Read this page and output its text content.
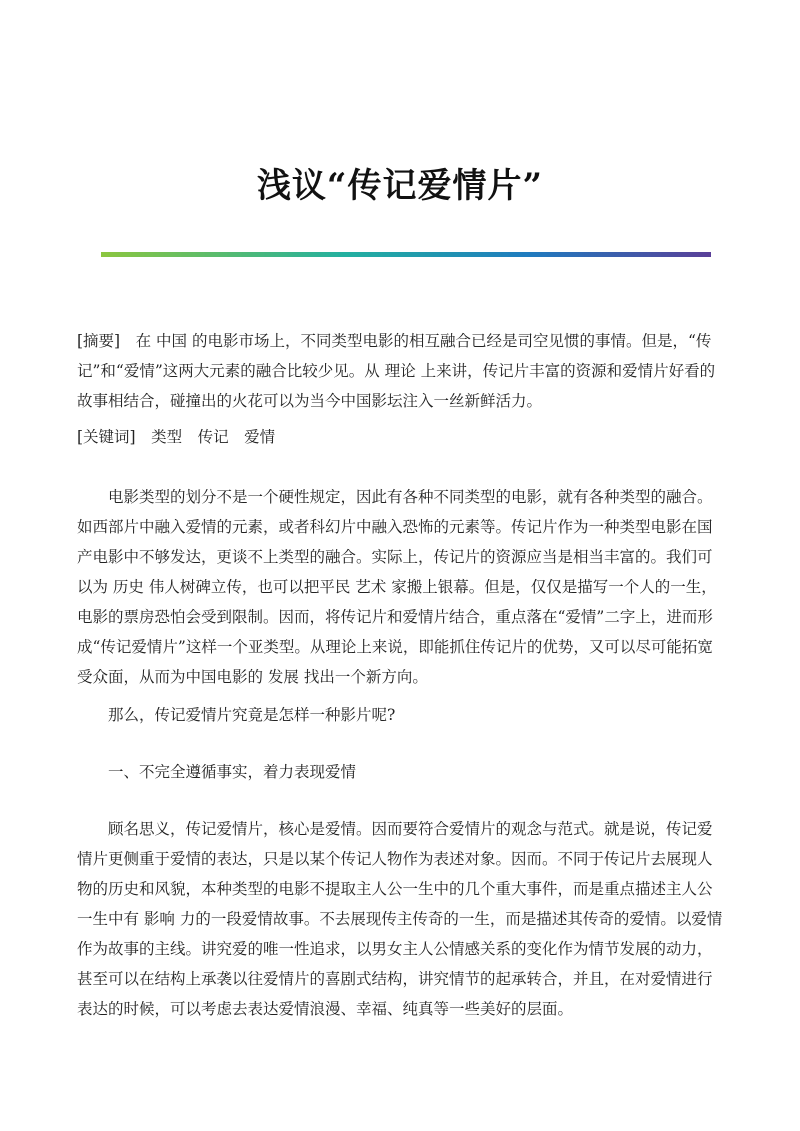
浅议“传记爱情片”

[摘要]　 在 中国 的电影市场上，不同类型电影的相互融合已经是司空见惯的事情。但是，“传记”和“爱情”这两大元素的融合比较少见。从 理论 上来讲，传记片丰富的资源和爱情片好看的故事相结合，碰撞出的火花可以为当今中国影坛注入一丝新鲜活力。

[关键词]　 类型　传记　爱情

电影类型的划分不是一个硬性规定，因此有各种不同类型的电影，就有各种类型的融合。如西部片中融入爱情的元素，或者科幻片中融入恐怖的元素等。传记片作为一种类型电影在国产电影中不够发达，更谈不上类型的融合。实际上，传记片的资源应当是相当丰富的。我们可以为 历史 伟人树碑立传，也可以把平民 艺术 家搬上银幕。但是，仅仅是描写一个人的一生，电影的票房恐怕会受到限制。因而，将传记片和爱情片结合，重点落在“爱情”二字上，进而形成“传记爱情片”这样一个亚类型。从理论上来说，即能抓住传记片的优势，又可以尽可能拓宽受众面，从而为中国电影的 发展 找出一个新方向。

那么，传记爱情片究竟是怎样一种影片呢?

一、不完全遵循事实，着力表现爱情

顾名思义，传记爱情片，核心是爱情。因而要符合爱情片的观念与范式。就是说，传记爱情片更侧重于爱情的表达，只是以某个传记人物作为表述对象。因而。不同于传记片去展现人物的历史和风貌，本种类型的电影不提取主人公一生中的几个重大事件，而是重点描述主人公一生中有 影响 力的一段爱情故事。不去展现传主传奇的一生，而是描述其传奇的爱情。以爱情作为故事的主线。讲究爱的唯一性追求，以男女主人公情感关系的变化作为情节发展的动力，甚至可以在结构上承袭以往爱情片的喜剧式结构，讲究情节的起承转合，并且，在对爱情进行表达的时候，可以考虑去表达爱情浪漫、幸福、纯真等一些美好的层面。
